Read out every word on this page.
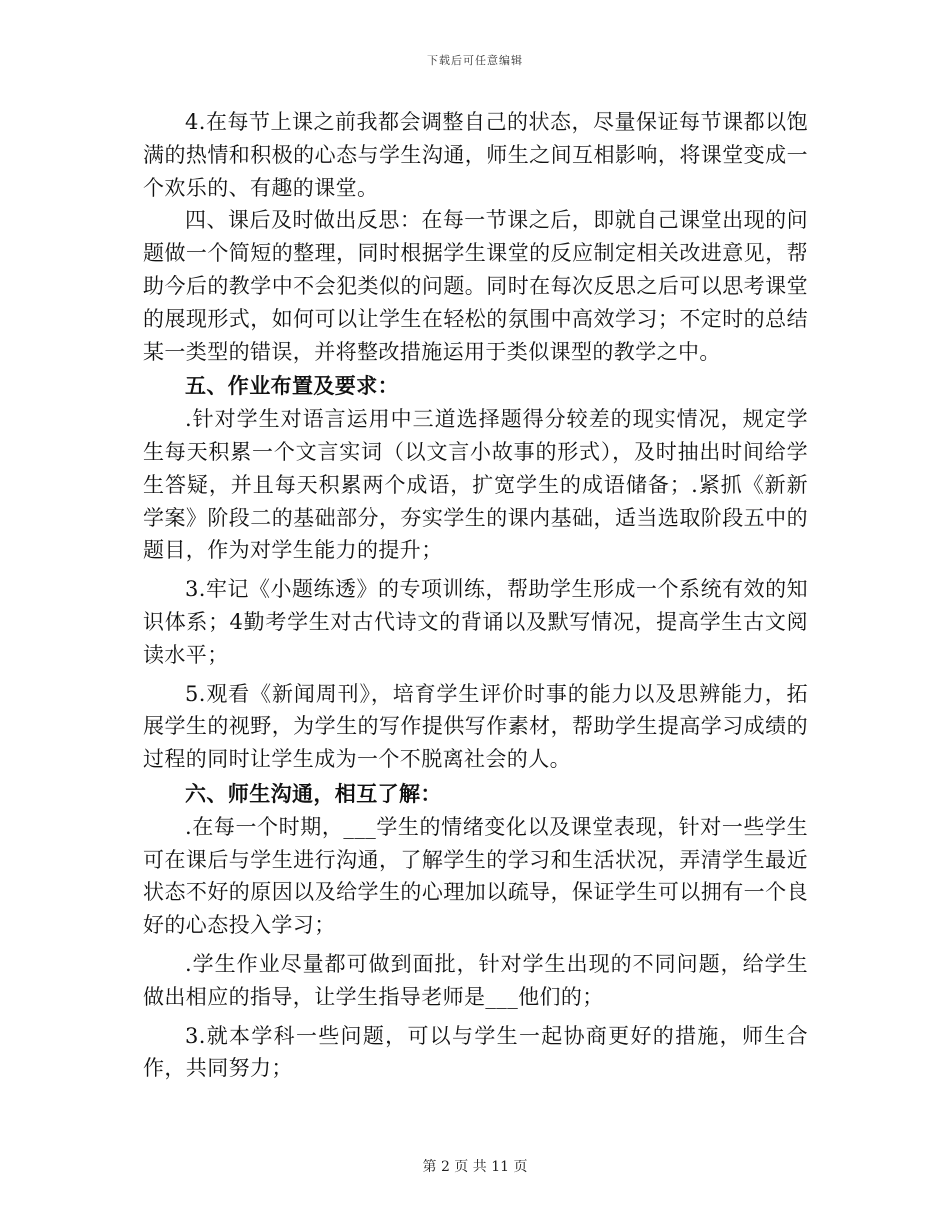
下载后可任意编辑

4.在每节上课之前我都会调整自己的状态，尽量保证每节课都以饱满的热情和积极的心态与学生沟通，师生之间互相影响，将课堂变成一个欢乐的、有趣的课堂。

四、课后及时做出反思：在每一节课之后，即就自己课堂出现的问题做一个简短的整理，同时根据学生课堂的反应制定相关改进意见，帮助今后的教学中不会犯类似的问题。同时在每次反思之后可以思考课堂的展现形式，如何可以让学生在轻松的氛围中高效学习；不定时的总结某一类型的错误，并将整改措施运用于类似课型的教学之中。

五、作业布置及要求：

.针对学生对语言运用中三道选择题得分较差的现实情况，规定学生每天积累一个文言实词（以文言小故事的形式），及时抽出时间给学生答疑，并且每天积累两个成语，扩宽学生的成语储备；.紧抓《新新学案》阶段二的基础部分，夯实学生的课内基础，适当选取阶段五中的题目，作为对学生能力的提升；

3.牢记《小题练透》的专项训练，帮助学生形成一个系统有效的知识体系；4勤考学生对古代诗文的背诵以及默写情况，提高学生古文阅读水平；

5.观看《新闻周刊》，培育学生评价时事的能力以及思辨能力，拓展学生的视野，为学生的写作提供写作素材，帮助学生提高学习成绩的过程的同时让学生成为一个不脱离社会的人。

六、师生沟通，相互了解：

.在每一个时期，___学生的情绪变化以及课堂表现，针对一些学生可在课后与学生进行沟通，了解学生的学习和生活状况，弄清学生最近状态不好的原因以及给学生的心理加以疏导，保证学生可以拥有一个良好的心态投入学习；

.学生作业尽量都可做到面批，针对学生出现的不同问题，给学生做出相应的指导，让学生指导老师是___他们的；

3.就本学科一些问题，可以与学生一起协商更好的措施，师生合作，共同努力；

第 2 页 共 11 页
